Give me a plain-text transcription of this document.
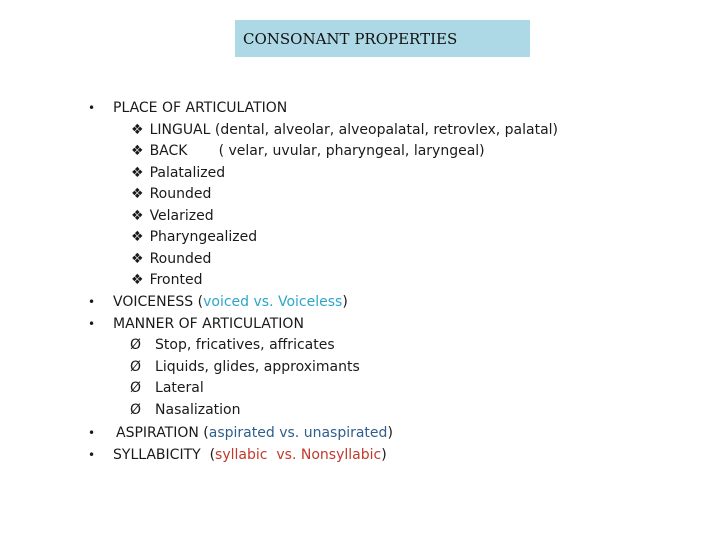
CONSONANT PROPERTIES
• PLACE OF ARTICULATION
❖ LINGUAL (dental, alveolar, alveopalatal, retrovlex, palatal)
❖ BACK       ( velar, uvular, pharyngeal, laryngeal)
❖ Palatalized
❖ Rounded
❖ Velarized
❖ Pharyngealized
❖ Rounded
❖ Fronted
• VOICENESS (voiced vs. Voiceless)
• MANNER OF ARTICULATION
Ø Stop, fricatives, affricates
Ø Liquids, glides, approximants
Ø Lateral
Ø Nasalization
• ASPIRATION (aspirated vs. unaspirated)
• SYLLABICITY  (syllabic  vs. Nonsyllabic)
